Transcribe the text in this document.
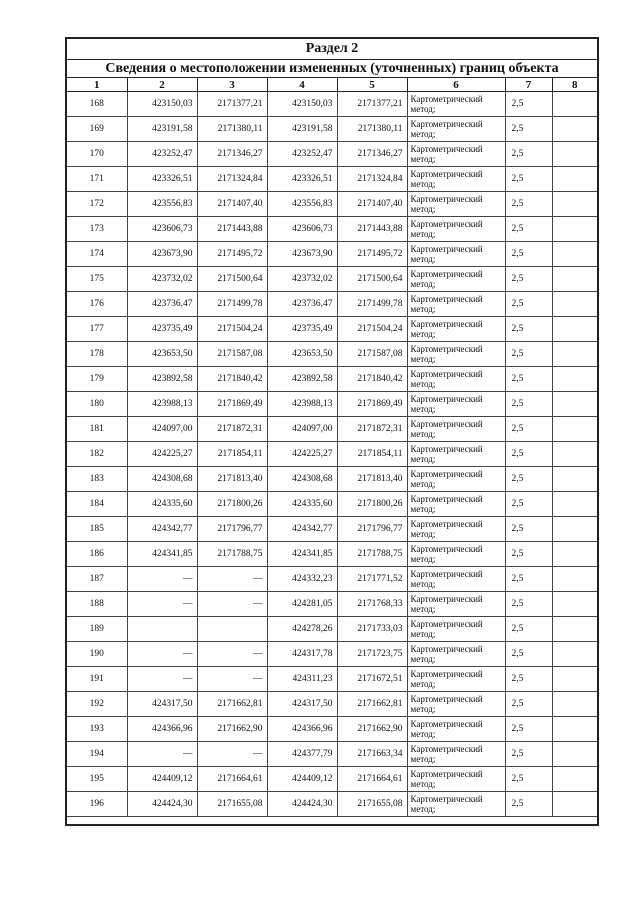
Раздел 2
Сведения о местоположении измененных (уточненных) границ объекта
1	2	3	4	5	6	7	8
168	423150,03	2171377,21	423150,03	2171377,21	Картометрический метод;	2,5	
169	423191,58	2171380,11	423191,58	2171380,11	Картометрический метод;	2,5	
170	423252,47	2171346,27	423252,47	2171346,27	Картометрический метод;	2,5	
171	423326,51	2171324,84	423326,51	2171324,84	Картометрический метод;	2,5	
172	423556,83	2171407,40	423556,83	2171407,40	Картометрический метод;	2,5	
173	423606,73	2171443,88	423606,73	2171443,88	Картометрический метод;	2,5	
174	423673,90	2171495,72	423673,90	2171495,72	Картометрический метод;	2,5	
175	423732,02	2171500,64	423732,02	2171500,64	Картометрический метод;	2,5	
176	423736,47	2171499,78	423736,47	2171499,78	Картометрический метод;	2,5	
177	423735,49	2171504,24	423735,49	2171504,24	Картометрический метод;	2,5	
178	423653,50	2171587,08	423653,50	2171587,08	Картометрический метод;	2,5	
179	423892,58	2171840,42	423892,58	2171840,42	Картометрический метод;	2,5	
180	423988,13	2171869,49	423988,13	2171869,49	Картометрический метод;	2,5	
181	424097,00	2171872,31	424097,00	2171872,31	Картометрический метод;	2,5	
182	424225,27	2171854,11	424225,27	2171854,11	Картометрический метод;	2,5	
183	424308,68	2171813,40	424308,68	2171813,40	Картометрический метод;	2,5	
184	424335,60	2171800,26	424335,60	2171800,26	Картометрический метод;	2,5	
185	424342,77	2171796,77	424342,77	2171796,77	Картометрический метод;	2,5	
186	424341,85	2171788,75	424341,85	2171788,75	Картометрический метод;	2,5	
187	—	—	424332,23	2171771,52	Картометрический метод;	2,5	
188	—	—	424281,05	2171768,33	Картометрический метод;	2,5	
189			424278,26	2171733,03	Картометрический метод;	2,5	
190	—	—	424317,78	2171723,75	Картометрический метод;	2,5	
191	—	—	424311,23	2171672,51	Картометрический метод;	2,5	
192	424317,50	2171662,81	424317,50	2171662,81	Картометрический метод;	2,5	
193	424366,96	2171662,90	424366,96	2171662,90	Картометрический метод;	2,5	
194	—	—	424377,79	2171663,34	Картометрический метод;	2,5	
195	424409,12	2171664,61	424409,12	2171664,61	Картометрический метод;	2,5	
196	424424,30	2171655,08	424424,30	2171655,08	Картометрический метод;	2,5	
